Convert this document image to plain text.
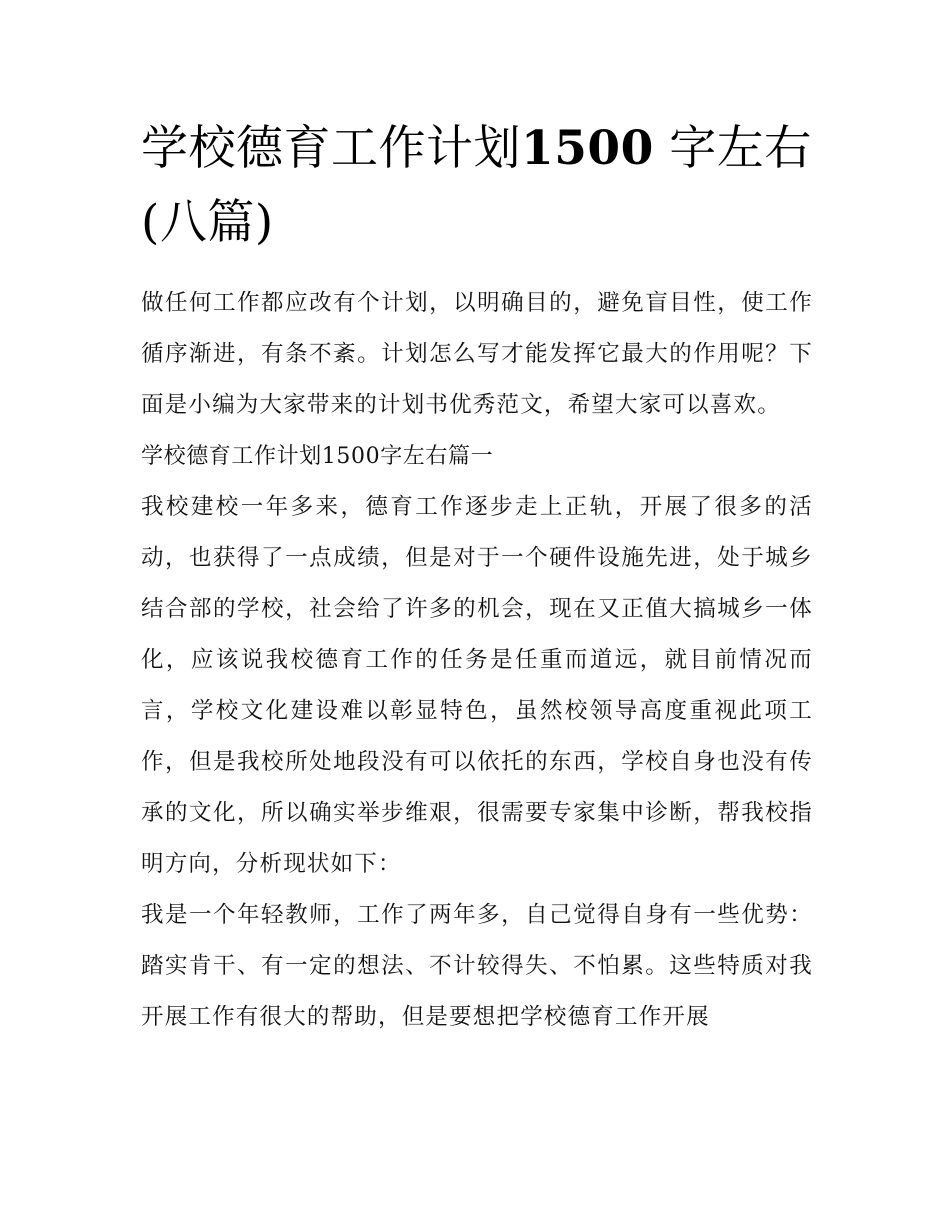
学校德育工作计划1500 字左右(八篇)

做任何工作都应改有个计划，以明确目的，避免盲目性，使工作循序渐进，有条不紊。计划怎么写才能发挥它最大的作用呢？下面是小编为大家带来的计划书优秀范文，希望大家可以喜欢。

学校德育工作计划1500字左右篇一

我校建校一年多来，德育工作逐步走上正轨，开展了很多的活动，也获得了一点成绩，但是对于一个硬件设施先进，处于城乡结合部的学校，社会给了许多的机会，现在又正值大搞城乡一体化，应该说我校德育工作的任务是任重而道远，就目前情况而言，学校文化建设难以彰显特色，虽然校领导高度重视此项工作，但是我校所处地段没有可以依托的东西，学校自身也没有传承的文化，所以确实举步维艰，很需要专家集中诊断，帮我校指明方向，分析现状如下：

我是一个年轻教师，工作了两年多，自己觉得自身有一些优势：踏实肯干、有一定的想法、不计较得失、不怕累。这些特质对我开展工作有很大的帮助，但是要想把学校德育工作开展
